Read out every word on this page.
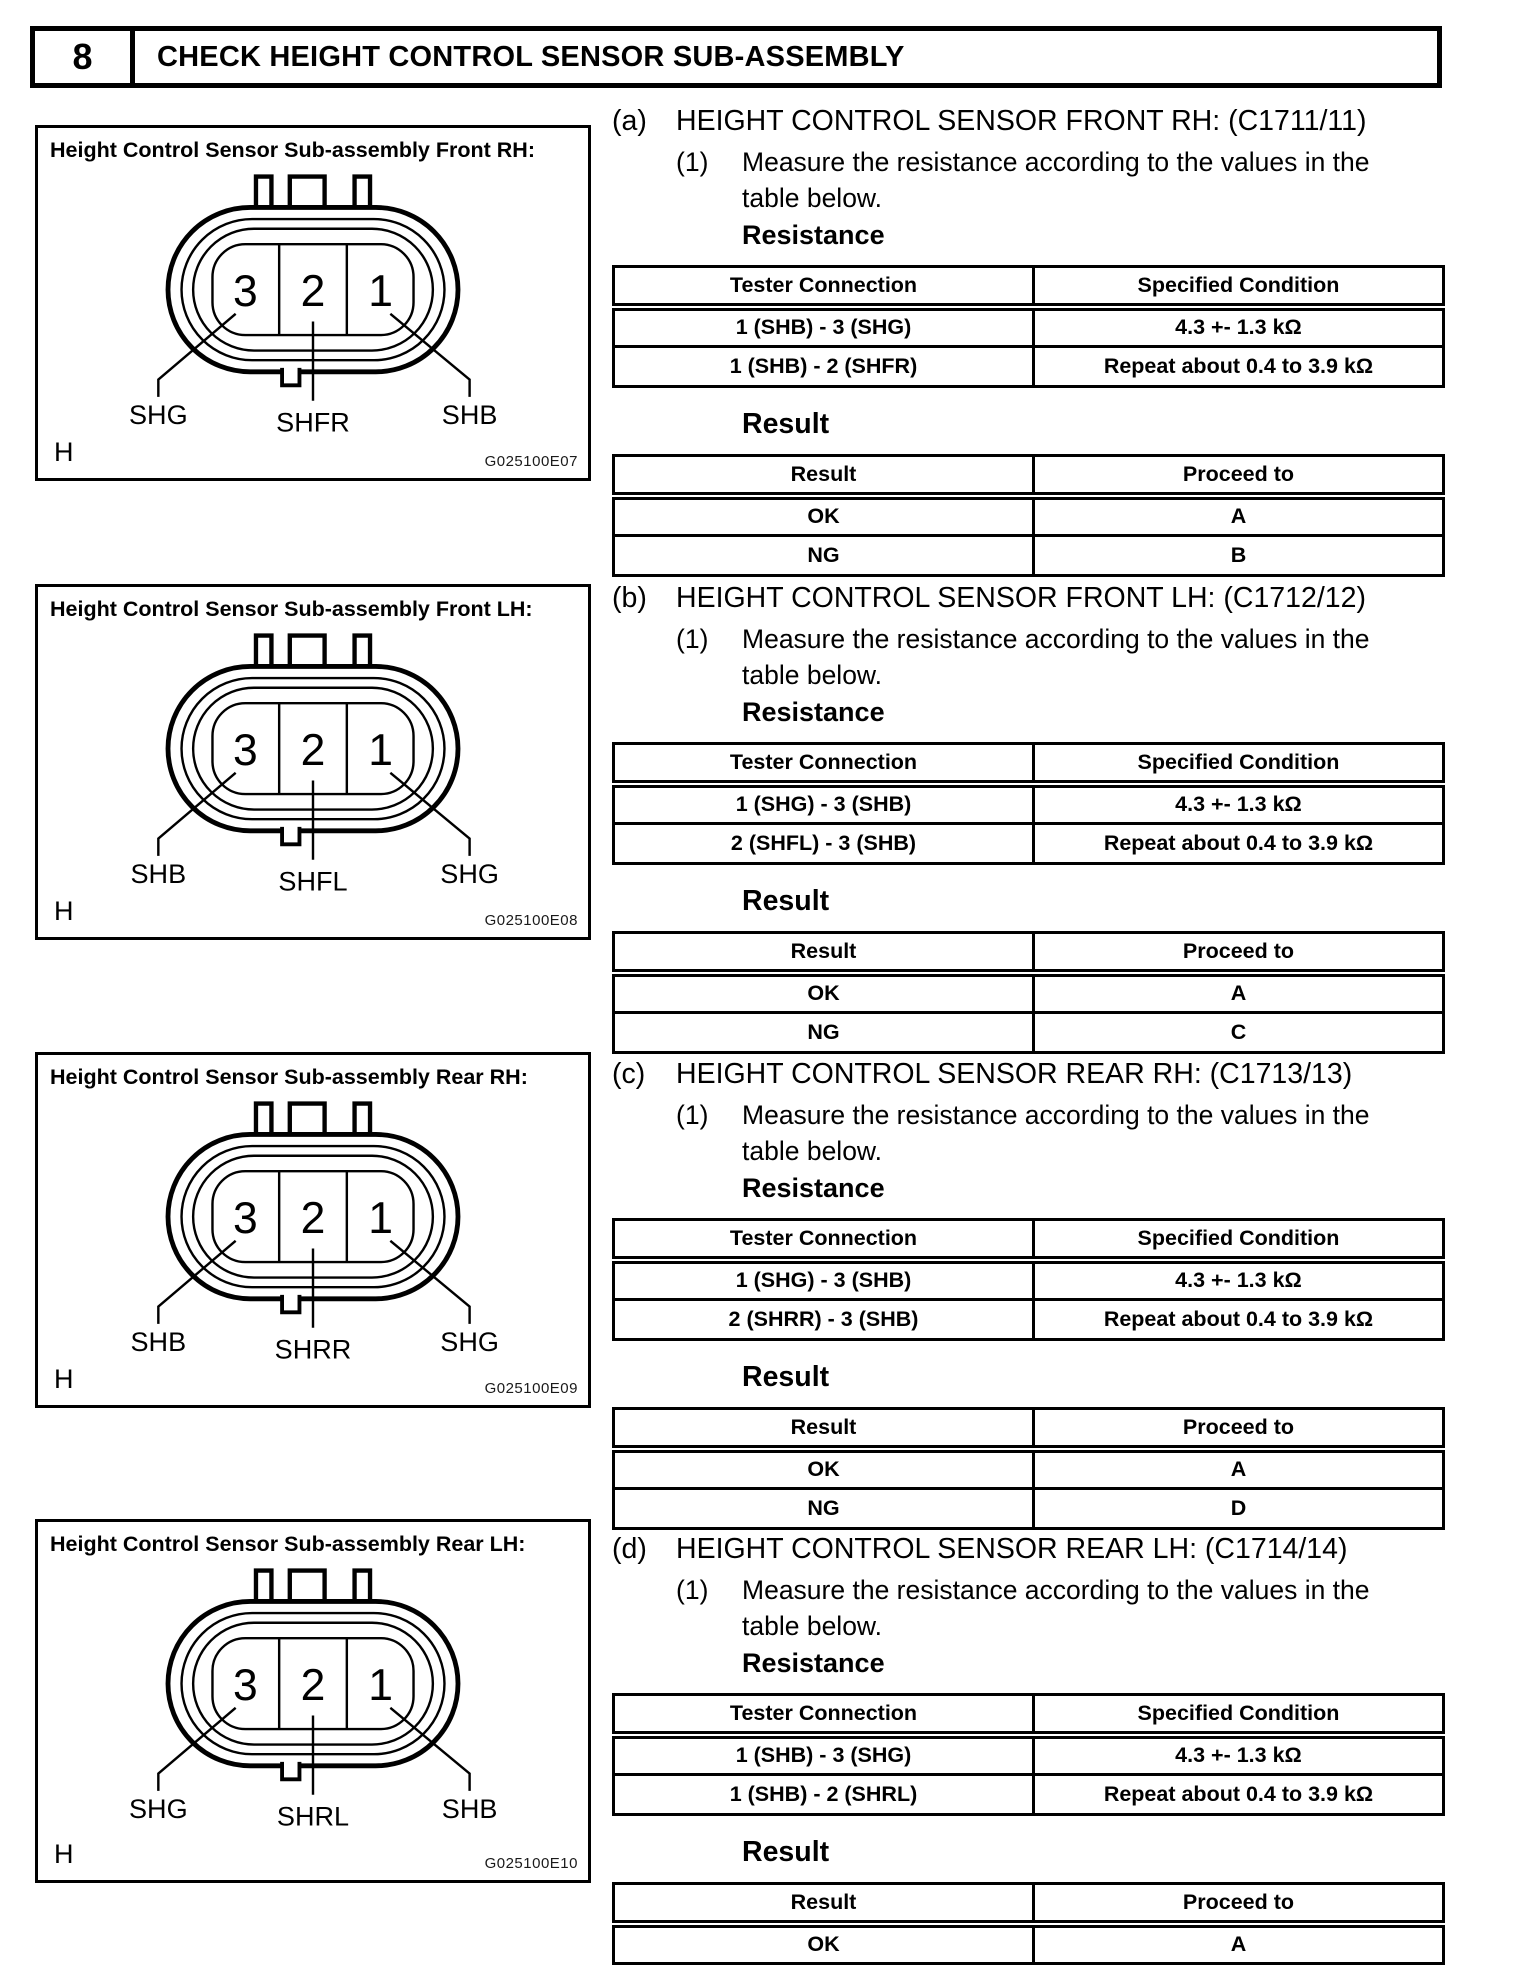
8	CHECK HEIGHT CONTROL SENSOR SUB-ASSEMBLY
Height Control Sensor Sub-assembly Front RH:
3 2 1
SHG	SHFR	SHB
H	G025100E07
Height Control Sensor Sub-assembly Front LH:
3 2 1
SHB	SHFL	SHG
H	G025100E08
Height Control Sensor Sub-assembly Rear RH:
3 2 1
SHB	SHRR	SHG
H	G025100E09
Height Control Sensor Sub-assembly Rear LH:
3 2 1
SHG	SHRL	SHB
H	G025100E10
(a)	HEIGHT CONTROL SENSOR FRONT RH: (C1711/11)
(1)	Measure the resistance according to the values in the table below.
Resistance
Tester Connection	Specified Condition
1 (SHB) - 3 (SHG)	4.3 +- 1.3 kΩ
1 (SHB) - 2 (SHFR)	Repeat about 0.4 to 3.9 kΩ
Result
Result	Proceed to
OK	A
NG	B
(b)	HEIGHT CONTROL SENSOR FRONT LH: (C1712/12)
(1)	Measure the resistance according to the values in the table below.
Resistance
Tester Connection	Specified Condition
1 (SHG) - 3 (SHB)	4.3 +- 1.3 kΩ
2 (SHFL) - 3 (SHB)	Repeat about 0.4 to 3.9 kΩ
Result
Result	Proceed to
OK	A
NG	C
(c)	HEIGHT CONTROL SENSOR REAR RH: (C1713/13)
(1)	Measure the resistance according to the values in the table below.
Resistance
Tester Connection	Specified Condition
1 (SHG) - 3 (SHB)	4.3 +- 1.3 kΩ
2 (SHRR) - 3 (SHB)	Repeat about 0.4 to 3.9 kΩ
Result
Result	Proceed to
OK	A
NG	D
(d)	HEIGHT CONTROL SENSOR REAR LH: (C1714/14)
(1)	Measure the resistance according to the values in the table below.
Resistance
Tester Connection	Specified Condition
1 (SHB) - 3 (SHG)	4.3 +- 1.3 kΩ
1 (SHB) - 2 (SHRL)	Repeat about 0.4 to 3.9 kΩ
Result
Result	Proceed to
OK	A
